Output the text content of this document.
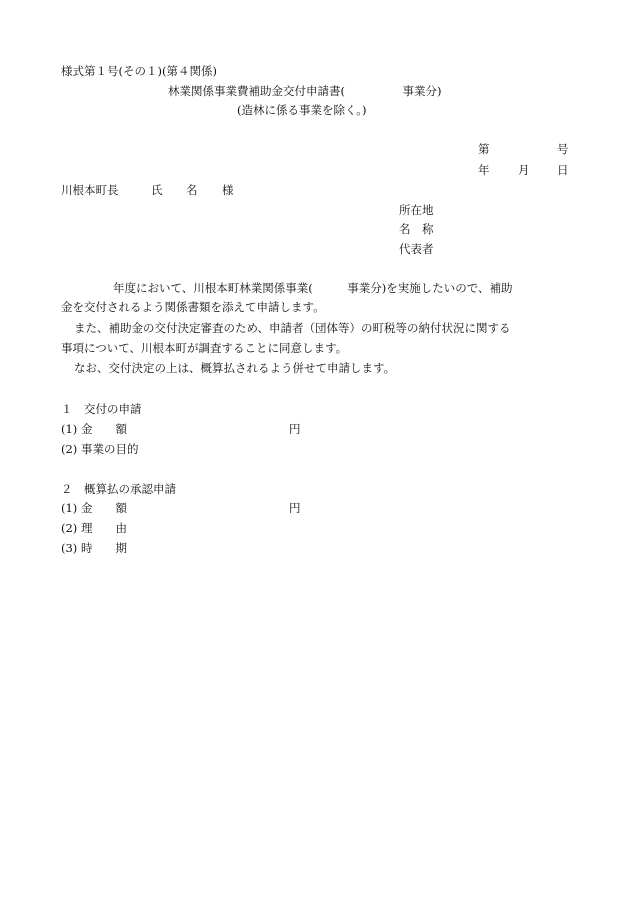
様式第１号(その１)(第４関係)
林業関係事業費補助金交付申請書(　　　　　事業分)
(造林に係る事業を除く。)
第	号
年 月 日
川根本町長	氏 名 様
所在地
名　称
代表者
年度において、川根本町林業関係事業(　　　事業分)を実施したいので、補助
金を交付されるよう関係書類を添えて申請します。
また、補助金の交付決定審査のため、申請者（団体等）の町税等の納付状況に関する
事項について、川根本町が調査することに同意します。
なお、交付決定の上は、概算払されるよう併せて申請します。
１　交付の申請
(1) 金　　額	円
(2) 事業の目的
２　概算払の承認申請
(1) 金　　額	円
(2) 理　　由
(3) 時　　期
